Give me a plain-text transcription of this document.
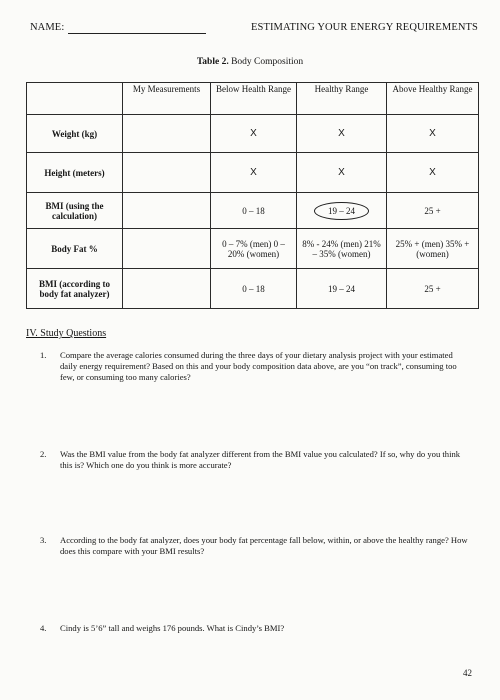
NAME:	ESTIMATING YOUR ENERGY REQUIREMENTS
Table 2. Body Composition
	My Measurements	Below Health Range	Healthy Range	Above Healthy Range
Weight (kg)		X	X	X
Height (meters)		X	X	X
BMI (using the calculation)		0 – 18	19 – 24	25 +
Body Fat %		0 – 7% (men) 0 – 20% (women)	8% - 24% (men) 21% – 35% (women)	25% + (men) 35% + (women)
BMI (according to body fat analyzer)		0 – 18	19 – 24	25 +
IV. Study Questions
1. Compare the average calories consumed during the three days of your dietary analysis project with your estimated daily energy requirement? Based on this and your body composition data above, are you “on track”, consuming too few, or consuming too many calories?
2. Was the BMI value from the body fat analyzer different from the BMI value you calculated? If so, why do you think this is? Which one do you think is more accurate?
3. According to the body fat analyzer, does your body fat percentage fall below, within, or above the healthy range? How does this compare with your BMI results?
4. Cindy is 5’6” tall and weighs 176 pounds. What is Cindy’s BMI?
42
